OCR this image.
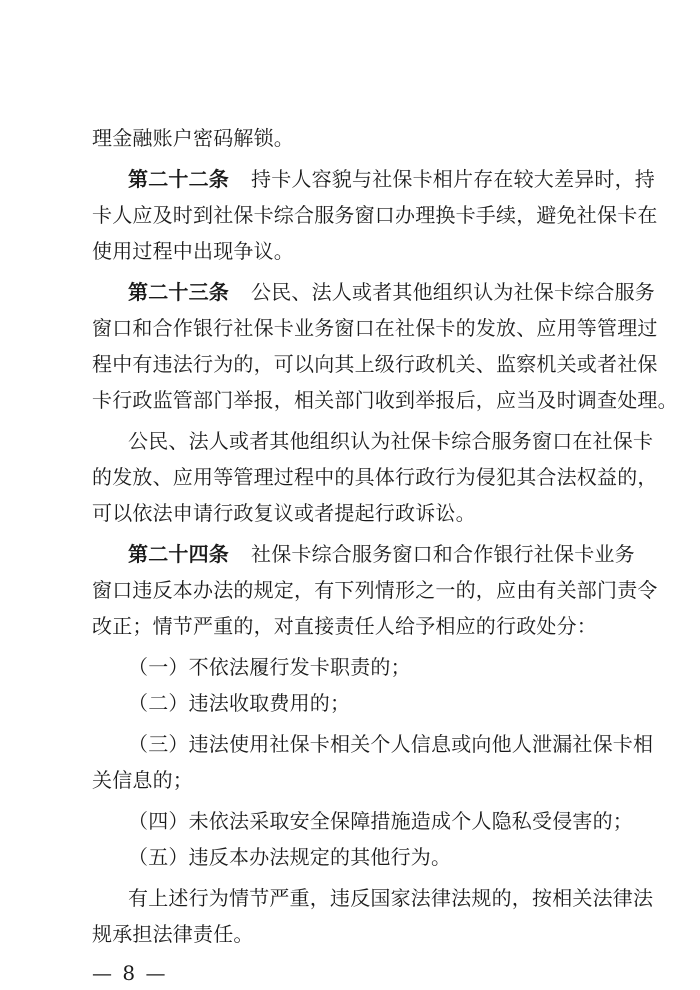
理金融账户密码解锁。
第二十二条 持卡人容貌与社保卡相片存在较大差异时，持
卡人应及时到社保卡综合服务窗口办理换卡手续，避免社保卡在
使用过程中出现争议。
第二十三条 公民、法人或者其他组织认为社保卡综合服务
窗口和合作银行社保卡业务窗口在社保卡的发放、应用等管理过
程中有违法行为的，可以向其上级行政机关、监察机关或者社保
卡行政监管部门举报，相关部门收到举报后，应当及时调查处理。
公民、法人或者其他组织认为社保卡综合服务窗口在社保卡
的发放、应用等管理过程中的具体行政行为侵犯其合法权益的，
可以依法申请行政复议或者提起行政诉讼。
第二十四条 社保卡综合服务窗口和合作银行社保卡业务
窗口违反本办法的规定，有下列情形之一的，应由有关部门责令
改正；情节严重的，对直接责任人给予相应的行政处分：
（一）不依法履行发卡职责的；
（二）违法收取费用的；
（三）违法使用社保卡相关个人信息或向他人泄漏社保卡相
关信息的；
（四）未依法采取安全保障措施造成个人隐私受侵害的；
（五）违反本办法规定的其他行为。
有上述行为情节严重，违反国家法律法规的，按相关法律法
规承担法律责任。
— 8 —
